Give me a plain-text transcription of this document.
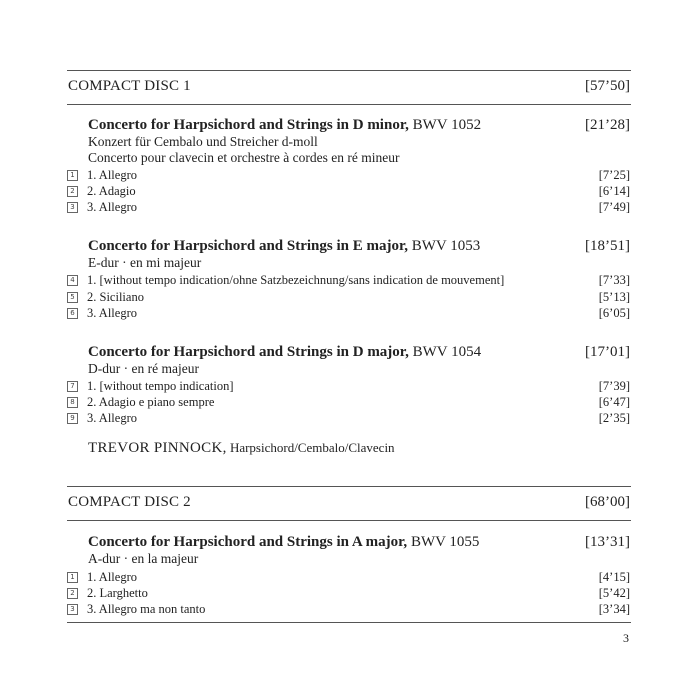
COMPACT DISC 1	[57’50]
Concerto for Harpsichord and Strings in D minor, BWV 1052	[21’28]
Konzert für Cembalo und Streicher d-moll
Concerto pour clavecin et orchestre à cordes en ré mineur
1 1. Allegro	[7’25]
2 2. Adagio	[6’14]
3 3. Allegro	[7’49]
Concerto for Harpsichord and Strings in E major, BWV 1053	[18’51]
E-dur · en mi majeur
4 1. [without tempo indication/ohne Satzbezeichnung/sans indication de mouvement]	[7’33]
5 2. Siciliano	[5’13]
6 3. Allegro	[6’05]
Concerto for Harpsichord and Strings in D major, BWV 1054	[17’01]
D-dur · en ré majeur
7 1. [without tempo indication]	[7’39]
8 2. Adagio e piano sempre	[6’47]
9 3. Allegro	[2’35]
TREVOR PINNOCK, Harpsichord/Cembalo/Clavecin
COMPACT DISC 2	[68’00]
Concerto for Harpsichord and Strings in A major, BWV 1055	[13’31]
A-dur · en la majeur
1 1. Allegro	[4’15]
2 2. Larghetto	[5’42]
3 3. Allegro ma non tanto	[3’34]
3
